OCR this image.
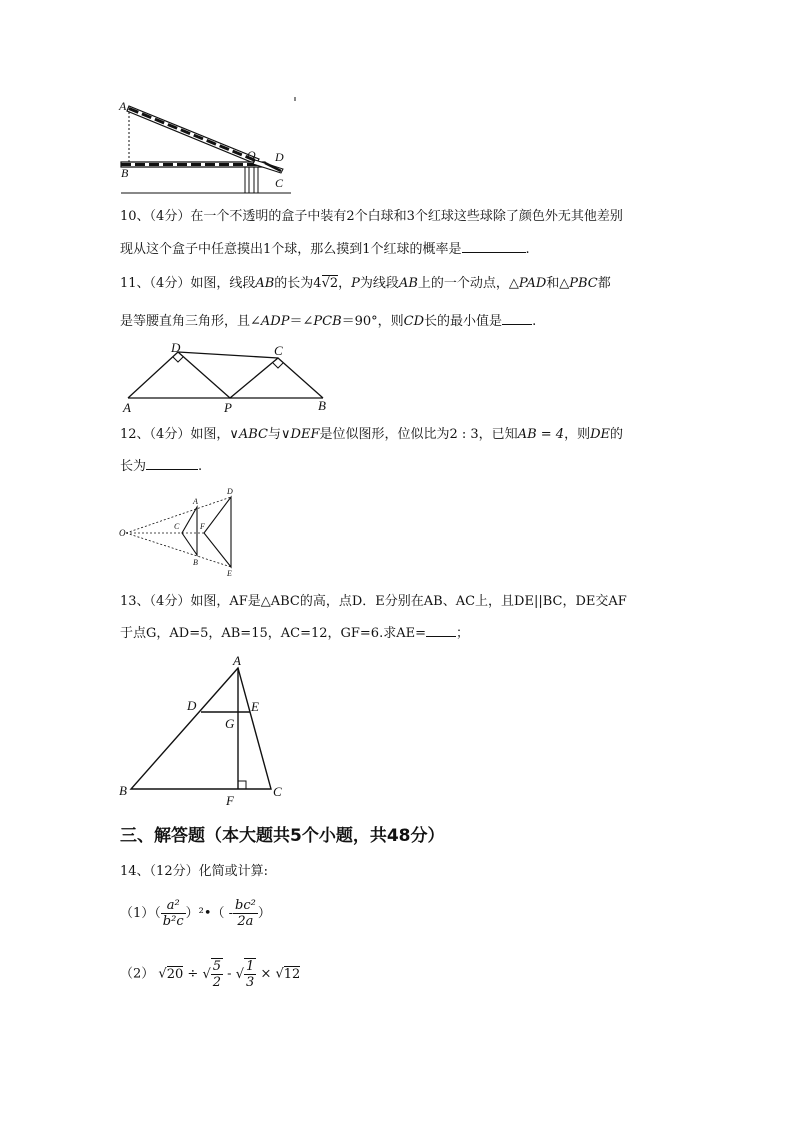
A
B
O D
C
10、（4分）在一个不透明的盒子中装有2个白球和3个红球这些球除了颜色外无其他差别
现从这个盒子中任意摸出1个球，那么摸到1个红球的概率是	.
11、（4分）如图，线段AB的长为4√2，P为线段AB上的一个动点，△PAD和△PBC都
是等腰直角三角形，且∠ADP＝∠PCB＝90°，则CD长的最小值是 .
D	C
A	P	B
12、（4分）如图，∨ABC与∨DEF是位似图形，位似比为2 : 3，已知AB = 4，则DE的
长为	.
O
A
B
C
D
E
F
13、（4分）如图，AF是△ABC的高，点D．E分别在AB、AC上，且DE||BC，DE交AF
于点G，AD=5，AB=15，AC=12，GF=6.求AE= ；
A
D	E
G
B
F
C
三、解答题（本大题共5个小题，共48分）
14、（12分）化简或计算:
$(1)( \frac{\text{a²}}{\text{b²c}}$ ）²•（ - $\frac{\text{bc²}}{2a}$ ）
（2） √20 ÷ √ $\frac{5}{2}$ - √ $\frac{1}{3} \times √12$
